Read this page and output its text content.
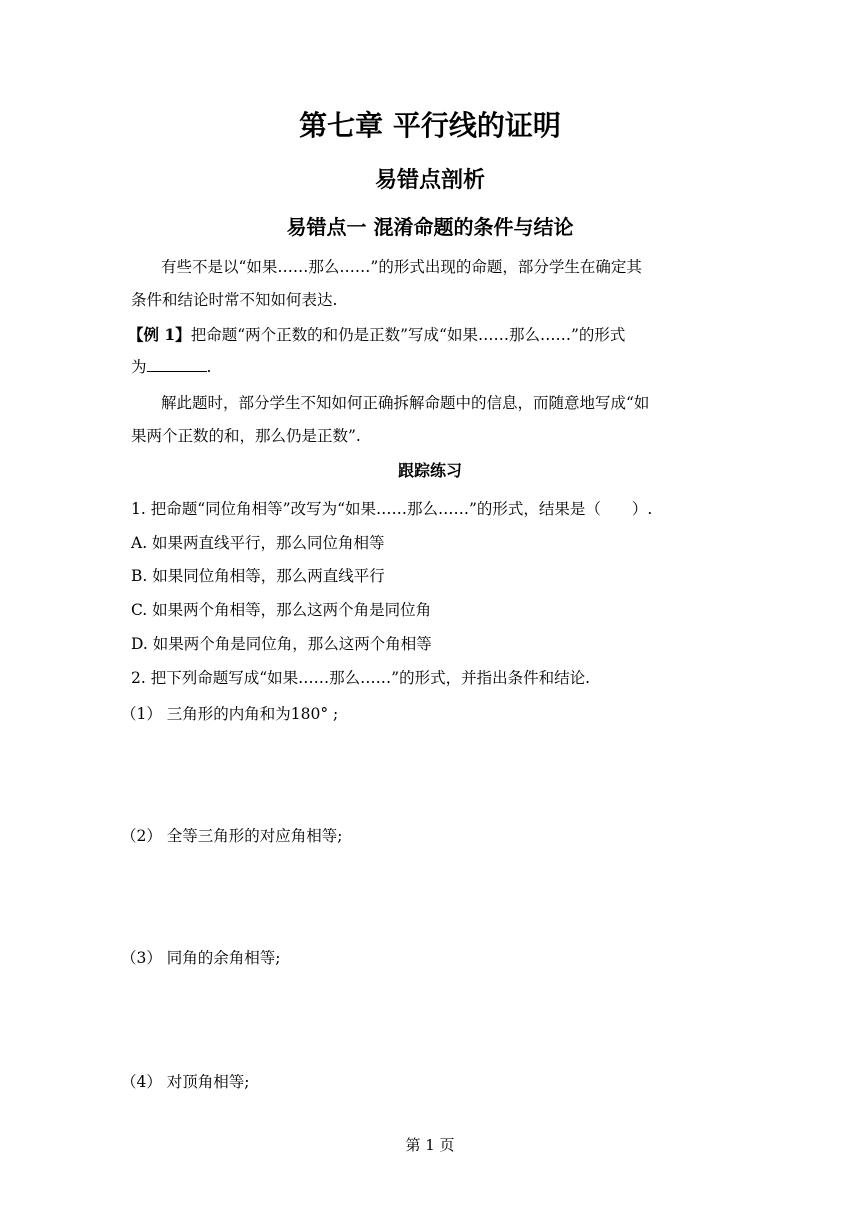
第七章 平行线的证明
易错点剖析
易错点一 混淆命题的条件与结论
有些不是以“如果……那么……”的形式出现的命题，部分学生在确定其
条件和结论时常不知如何表达.
【例 1】把命题“两个正数的和仍是正数”写成“如果……那么……”的形式
为	.
解此题时，部分学生不知如何正确拆解命题中的信息，而随意地写成“如
果两个正数的和，那么仍是正数”.
跟踪练习
1. 把命题“同位角相等”改写为“如果……那么……”的形式，结果是（　　）.
A. 如果两直线平行，那么同位角相等
B. 如果同位角相等，那么两直线平行
C. 如果两个角相等，那么这两个角是同位角
D. 如果两个角是同位角，那么这两个角相等
2. 把下列命题写成“如果……那么……”的形式，并指出条件和结论.
（1） 三角形的内角和为180° ;
（2） 全等三角形的对应角相等;
（3） 同角的余角相等;
（4） 对顶角相等;
第 1 页
